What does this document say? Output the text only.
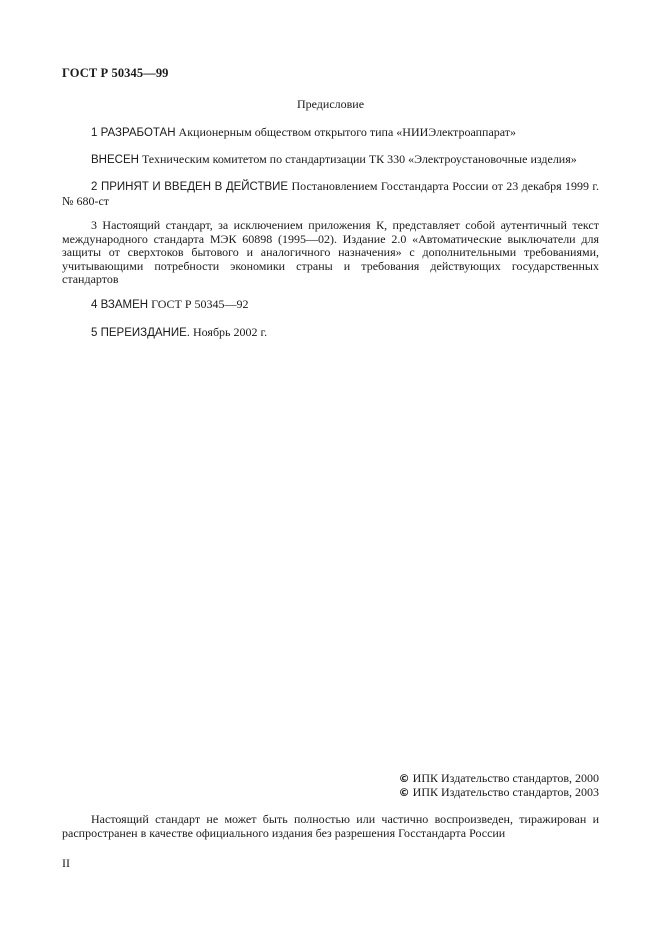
ГОСТ Р 50345—99
Предисловие
1 РАЗРАБОТАН Акционерным обществом открытого типа «НИИЭлектроаппарат»
ВНЕСЕН Техническим комитетом по стандартизации ТК 330 «Электроустановочные изделия»
2 ПРИНЯТ И ВВЕДЕН В ДЕЙСТВИЕ Постановлением Госстандарта России от 23 декабря 1999 г. № 680-ст
3 Настоящий стандарт, за исключением приложения К, представляет собой аутентичный текст международного стандарта МЭК 60898 (1995—02). Издание 2.0 «Автоматические выключатели для защиты от сверхтоков бытового и аналогичного назначения» с дополнительными требованиями, учитывающими потребности экономики страны и требования действующих государственных стандартов
4 ВЗАМЕН ГОСТ Р 50345—92
5 ПЕРЕИЗДАНИЕ. Ноябрь 2002 г.
© ИПК Издательство стандартов, 2000
© ИПК Издательство стандартов, 2003
Настоящий стандарт не может быть полностью или частично воспроизведен, тиражирован и распространен в качестве официального издания без разрешения Госстандарта России
II
